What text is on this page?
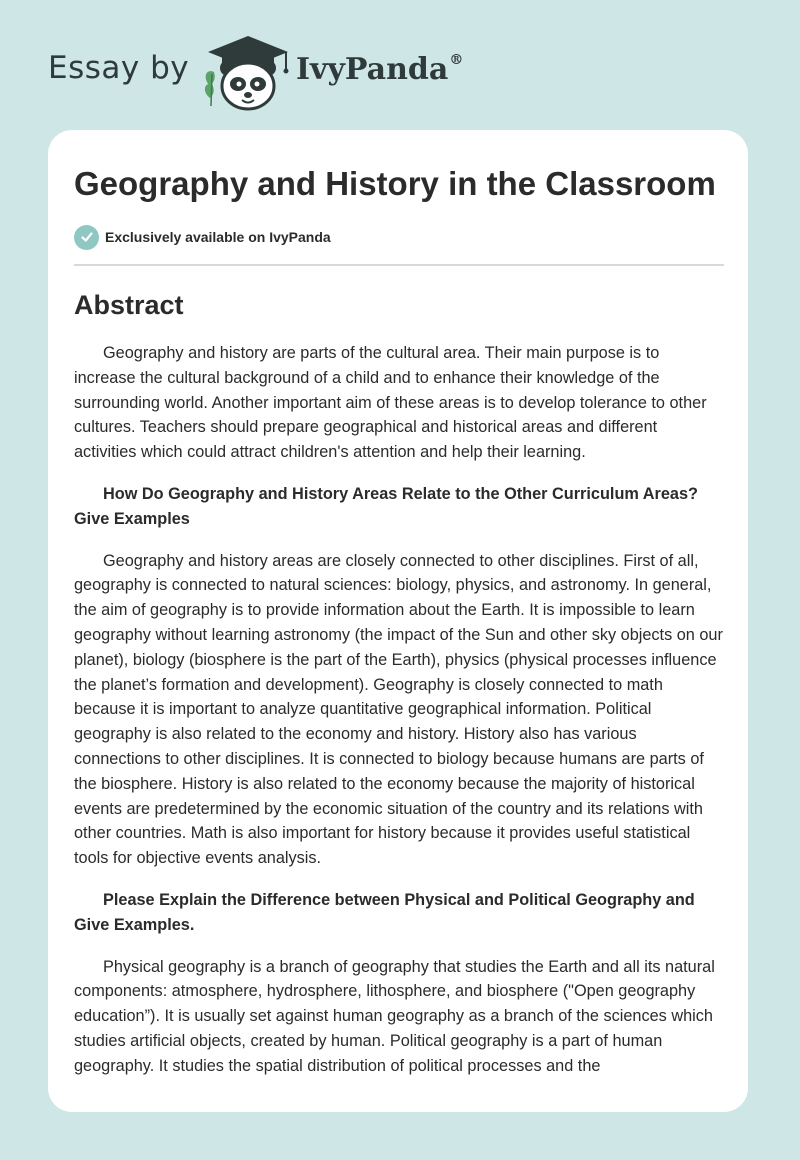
Essay by	IvyPanda®
Geography and History in the Classroom
Exclusively available on IvyPanda
Abstract

Geography and history are parts of the cultural area. Their main purpose is to increase the cultural background of a child and to enhance their knowledge of the surrounding world. Another important aim of these areas is to develop tolerance to other cultures. Teachers should prepare geographical and historical areas and different activities which could attract children's attention and help their learning.

How Do Geography and History Areas Relate to the Other Curriculum Areas? Give Examples

Geography and history areas are closely connected to other disciplines. First of all, geography is connected to natural sciences: biology, physics, and astronomy. In general, the aim of geography is to provide information about the Earth. It is impossible to learn geography without learning astronomy (the impact of the Sun and other sky objects on our planet), biology (biosphere is the part of the Earth), physics (physical processes influence the planet’s formation and development). Geography is closely connected to math because it is important to analyze quantitative geographical information. Political geography is also related to the economy and history. History also has various connections to other disciplines. It is connected to biology because humans are parts of the biosphere. History is also related to the economy because the majority of historical events are predetermined by the economic situation of the country and its relations with other countries. Math is also important for history because it provides useful statistical tools for objective events analysis.

Please Explain the Difference between Physical and Political Geography and Give Examples.

Physical geography is a branch of geography that studies the Earth and all its natural components: atmosphere, hydrosphere, lithosphere, and biosphere ("Open geography education”). It is usually set against human geography as a branch of the sciences which studies artificial objects, created by human. Political geography is a part of human geography. It studies the spatial distribution of political processes and the
